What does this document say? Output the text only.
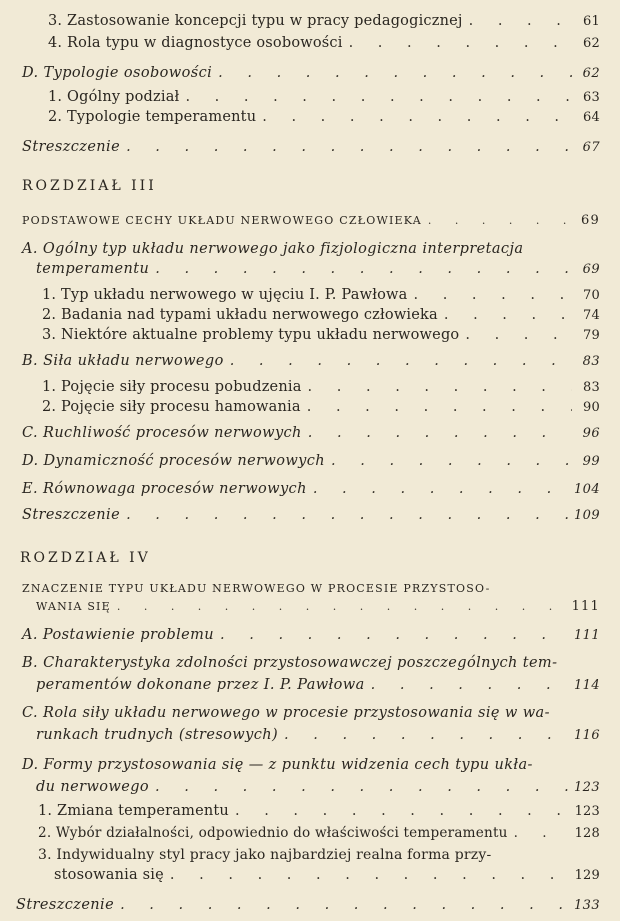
3. Zastosowanie koncepcji typu w pracy pedagogicznej . . .	61
4. Rola typu w diagnostyce osobowości . . .	62
D. Typologie osobowości . . .	62
1. Ogólny podział . . .	63
2. Typologie temperamentu . . .	64
Streszczenie . . .	67
ROZDZIAŁ III
PODSTAWOWE CECHY UKŁADU NERWOWEGO CZŁOWIEKA . . .	69
A. Ogólny typ układu nerwowego jako fizjologiczna interpretacja
temperamentu . . .	69
1. Typ układu nerwowego w ujęciu I. P. Pawłowa . . .	70
2. Badania nad typami układu nerwowego człowieka . . .	74
3. Niektóre aktualne problemy typu układu nerwowego . . .	79
B. Siła układu nerwowego . . .	83
1. Pojęcie siły procesu pobudzenia . . .	83
2. Pojęcie siły procesu hamowania . . .	90
C. Ruchliwość procesów nerwowych . . .	96
D. Dynamiczność procesów nerwowych . . .	99
E. Równowaga procesów nerwowych . . .	104
Streszczenie . . .	109
ROZDZIAŁ IV
ZNACZENIE TYPU UKŁADU NERWOWEGO W PROCESIE PRZYSTOSO-
WANIA SIĘ . . .	111
A. Postawienie problemu . . .	111
B. Charakterystyka zdolności przystosowawczej poszczególnych tem-
peramentów dokonane przez I. P. Pawłowa . . .	114
C. Rola siły układu nerwowego w procesie przystosowania się w wa-
runkach trudnych (stresowych) . . .	116
D. Formy przystosowania się — z punktu widzenia cech typu ukła-
du nerwowego . . .	123
1. Zmiana temperamentu . . .	123
2. Wybór działalności, odpowiednio do właściwości temperamentu . . .	128
3. Indywidualny styl pracy jako najbardziej realna forma przy-
stosowania się . . .	129
Streszczenie . . .	133
